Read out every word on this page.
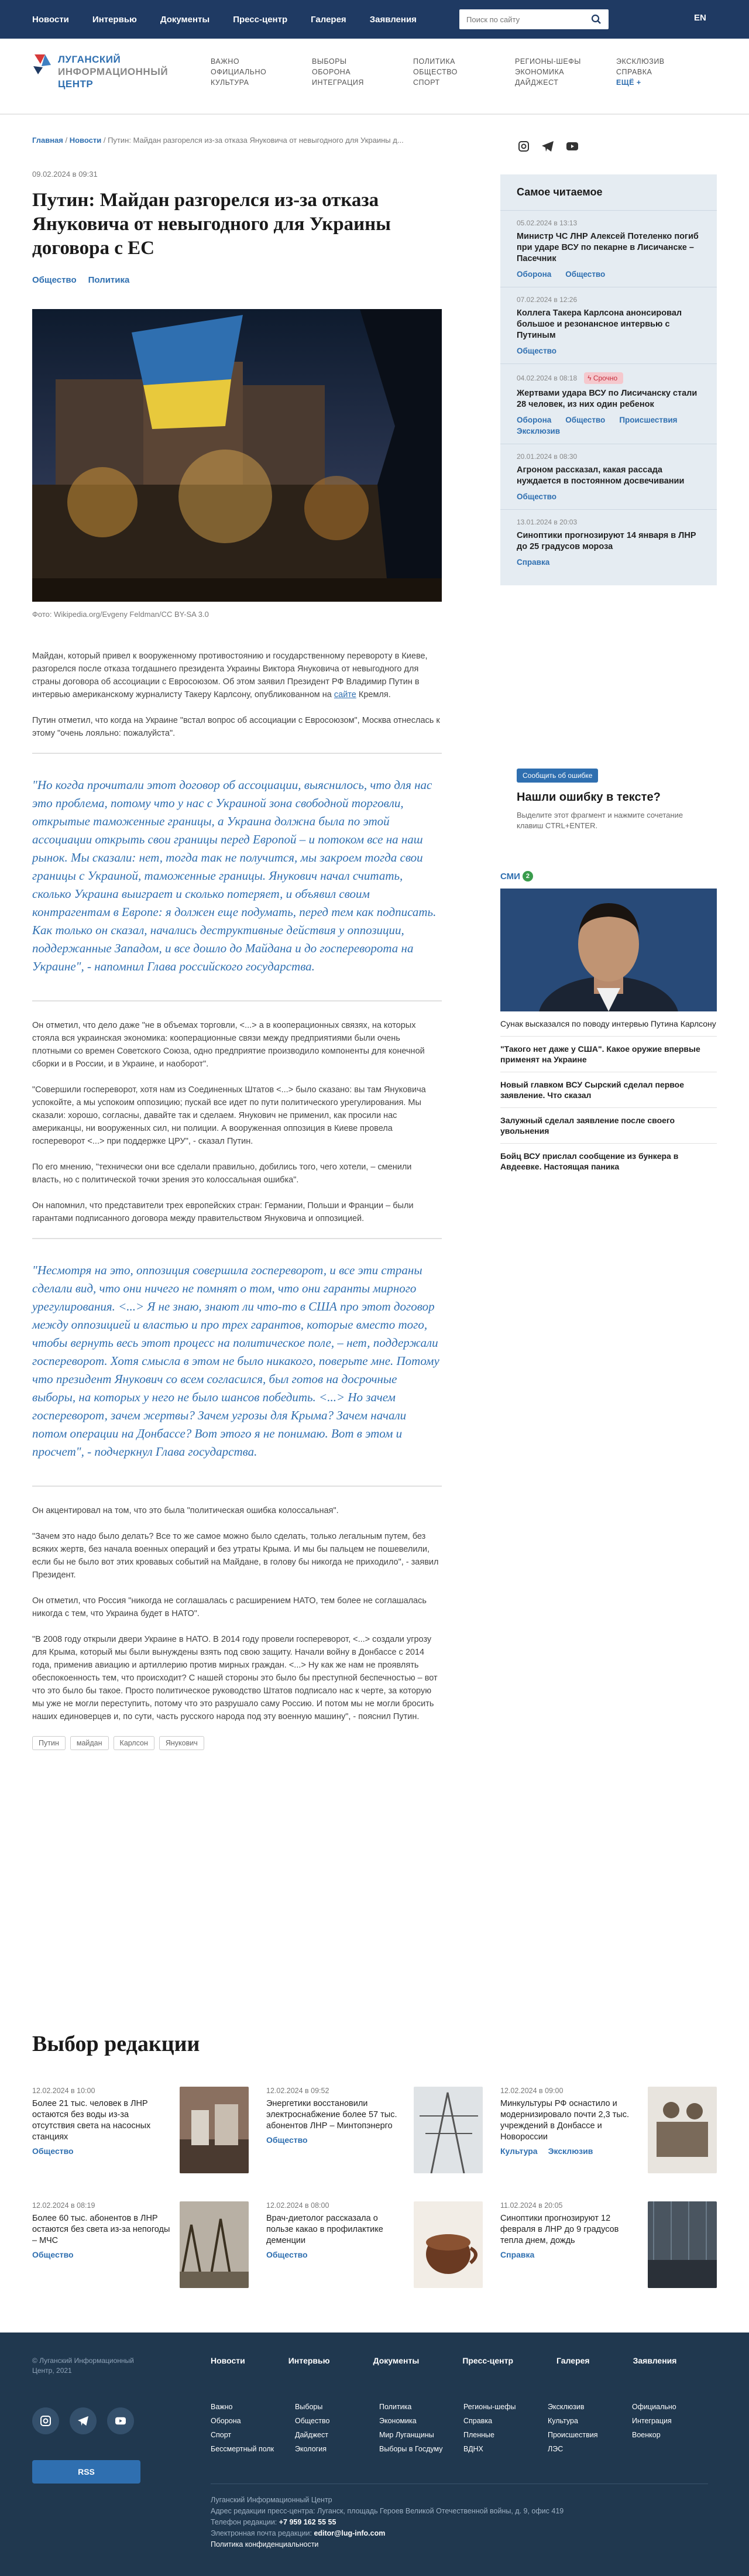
Новости	Интервью	Документы	Пресс-центр	Галерея	Заявления
Поиск по сайту	EN
ЛУГАНСКИЙ
ИНФОРМАЦИОННЫЙ
ЦЕНТР
ВАЖНО
ОФИЦИАЛЬНО
КУЛЬТУРА
ВЫБОРЫ
ОБОРОНА
ИНТЕГРАЦИЯ
ПОЛИТИКА
ОБЩЕСТВО
СПОРТ
РЕГИОНЫ-ШЕФЫ
ЭКОНОМИКА
ДАЙДЖЕСТ
ЭКСКЛЮЗИВ
СПРАВКА
ЕЩЁ +
Главная / Новости / Путин: Майдан разгорелся из-за отказа Януковича от невыгодного для Украины д...
09.02.2024 в 09:31
Путин: Майдан разгорелся из-за отказа Януковича от невыгодного для Украины договора с ЕС
Общество Политика
Фото: Wikipedia.org/Evgeny Feldman/CC BY-SA 3.0

Майдан, который привел к вооруженному противостоянию и государственному перевороту в Киеве, разгорелся после отказа тогдашнего президента Украины Виктора Януковича от невыгодного для страны договора об ассоциации с Евросоюзом. Об этом заявил Президент РФ Владимир Путин в интервью американскому журналисту Такеру Карлсону, опубликованном на сайте Кремля.

Путин отметил, что когда на Украине "встал вопрос об ассоциации с Евросоюзом", Москва отнеслась к этому "очень лояльно: пожалуйста".

"Но когда прочитали этот договор об ассоциации, выяснилось, что для нас это проблема, потому что у нас с Украиной зона свободной торговли, открытые таможенные границы, а Украина должна была по этой ассоциации открыть свои границы перед Европой – и потоком все на наш рынок. Мы сказали: нет, тогда так не получится, мы закроем тогда свои границы с Украиной, таможенные границы. Янукович начал считать, сколько Украина выиграет и сколько потеряет, и объявил своим контрагентам в Европе: я должен еще подумать, перед тем как подписать. Как только он сказал, начались деструктивные действия у оппозиции, поддержанные Западом, и все дошло до Майдана и до госпереворота на Украине", - напомнил Глава российского государства.

Он отметил, что дело даже "не в объемах торговли, <...> а в кооперационных связях, на которых стояла вся украинская экономика: кооперационные связи между предприятиями были очень плотными со времен Советского Союза, одно предприятие производило компоненты для конечной сборки и в России, и в Украине, и наоборот".

"Совершили госпереворот, хотя нам из Соединенных Штатов <...> было сказано: вы там Януковича успокойте, а мы успокоим оппозицию; пускай все идет по пути политического урегулирования. Мы сказали: хорошо, согласны, давайте так и сделаем. Янукович не применил, как просили нас американцы, ни вооруженных сил, ни полиции. А вооруженная оппозиция в Киеве провела госпереворот <...> при поддержке ЦРУ", - сказал Путин.

По его мнению, "технически они все сделали правильно, добились того, чего хотели, – сменили власть, но с политической точки зрения это колоссальная ошибка".

Он напомнил, что представители трех европейских стран: Германии, Польши и Франции – были гарантами подписанного договора между правительством Януковича и оппозицией.

"Несмотря на это, оппозиция совершила госпереворот, и все эти страны сделали вид, что они ничего не помнят о том, что они гаранты мирного урегулирования. <...> Я не знаю, знают ли что-то в США про этот договор между оппозицией и властью и про трех гарантов, которые вместо того, чтобы вернуть весь этот процесс на политическое поле, – нет, поддержали госпереворот. Хотя смысла в этом не было никакого, поверьте мне. Потому что президент Янукович со всем согласился, был готов на досрочные выборы, на которых у него не было шансов победить. <...> Но зачем госпереворот, зачем жертвы? Зачем угрозы для Крыма? Зачем начали потом операции на Донбассе? Вот этого я не понимаю. Вот в этом и просчет", - подчеркнул Глава государства.

Он акцентировал на том, что это была "политическая ошибка колоссальная".

"Зачем это надо было делать? Все то же самое можно было сделать, только легальным путем, без всяких жертв, без начала военных операций и без утраты Крыма. И мы бы пальцем не пошевелили, если бы не было вот этих кровавых событий на Майдане, в голову бы никогда не приходило", - заявил Президент.

Он отметил, что Россия "никогда не соглашалась с расширением НАТО, тем более не соглашалась никогда с тем, что Украина будет в НАТО".

"В 2008 году открыли двери Украине в НАТО. В 2014 году провели госпереворот, <...> создали угрозу для Крыма, который мы были вынуждены взять под свою защиту. Начали войну в Донбассе с 2014 года, применив авиацию и артиллерию против мирных граждан. <...> Ну как же нам не проявлять обеспокоенность тем, что происходит? С нашей стороны это было бы преступной беспечностью – вот что это было бы такое. Просто политическое руководство Штатов подписало нас к черте, за которую мы уже не могли переступить, потому что это разрушало саму Россию. И потом мы не могли бросить наших единоверцев и, по сути, часть русского народа под эту военную машину", - пояснил Путин.

Путин	майдан	Карлсон	Янукович
Самое читаемое
05.02.2024 в 13:13
Министр ЧС ЛНР Алексей Потеленко погиб при ударе ВСУ по пекарне в Лисичанске – Пасечник
Оборона Общество
07.02.2024 в 12:26
Коллега Такера Карлсона анонсировал большое и резонансное интервью с Путиным
Общество
04.02.2024 в 08:18	ϟ Срочно
Жертвами удара ВСУ по Лисичанску стали 28 человек, из них один ребенок
Оборона Общество Происшествия
Эксклюзив
20.01.2024 в 08:30
Агроном рассказал, какая рассада нуждается в постоянном досвечивании
Общество
13.01.2024 в 20:03
Синоптики прогнозируют 14 января в ЛНР до 25 градусов мороза
Справка
Сообщить об ошибке
Нашли ошибку в тексте?
Выделите этот фрагмент и нажмите сочетание клавиш CTRL+ENTER.
СМИ 2
Сунак высказался по поводу интервью Путина Карлсону
"Такого нет даже у США". Какое оружие впервые применят на Украине
Новый главком ВСУ Сырский сделал первое заявление. Что сказал
Залужный сделал заявление после своего увольнения
Бойц ВСУ прислал сообщение из бункера в Авдеевке. Настоящая паника
Выбор редакции
12.02.2024 в 10:00
Более 21 тыс. человек в ЛНР остаются без воды из-за отсутствия света на насосных станциях
Общество
12.02.2024 в 09:52
Энергетики восстановили электроснабжение более 57 тыс. абонентов ЛНР – Минтопэнерго
Общество
12.02.2024 в 09:00
Минкультуры РФ оснастило и модернизировало почти 2,3 тыс. учреждений в Донбассе и Новороссии
Культура Эксклюзив
12.02.2024 в 08:19
Более 60 тыс. абонентов в ЛНР остаются без света из-за непогоды – МЧС
Общество
12.02.2024 в 08:00
Врач-диетолог рассказала о пользе какао в профилактике деменции
Общество
11.02.2024 в 20:05
Синоптики прогнозируют 12 февраля в ЛНР до 9 градусов тепла днем, дождь
Справка
© Луганский Информационный Центр, 2021
Новости	Интервью	Документы	Пресс-центр	Галерея	Заявления
RSS
Важно	Выборы	Политика	Регионы-шефы	Эксклюзив	Официально
Оборона	Общество	Экономика	Справка	Культура	Интеграция
Спорт	Дайджест	Мир Луганщины	Пленные	Происшествия	Военкор
Бессмертный полк	Экология	Выборы в Госдуму	ВДНХ	ЛЭС
Луганский Информационный Центр
Адрес редакции пресс-центра: Луганск, площадь Героев Великой Отечественной войны, д. 9, офис 419
Телефон редакции: +7 959 162 55 55
Электронная почта редакции: editor@lug-info.com
Политика конфиденциальности
